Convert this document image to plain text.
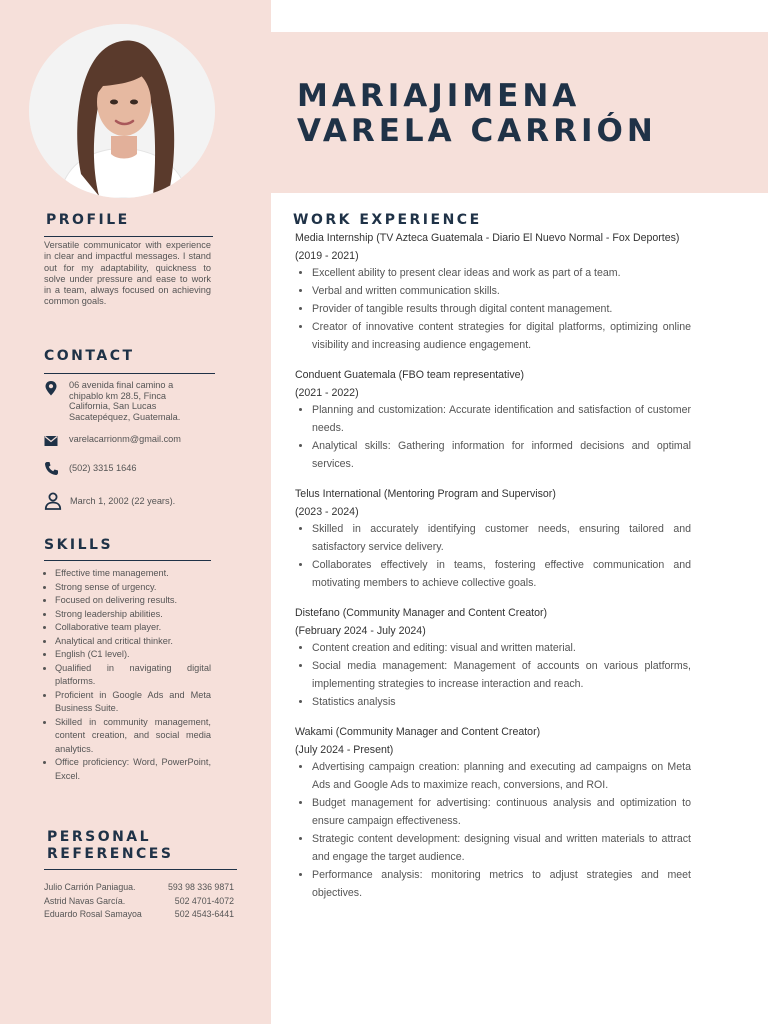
MARIAJIMENA
VARELA CARRIÓN
PROFILE
Versatile communicator with experience in clear and impactful messages. I stand out for my adaptability, quickness to solve under pressure and ease to work in a team, always focused on achieving common goals.
CONTACT
06 avenida final camino a chipablo km 28.5, Finca California, San Lucas Sacatepéquez, Guatemala.
varelacarrionm@gmail.com
(502) 3315 1646
March 1, 2002 (22 years).
SKILLS
• Effective time management.
• Strong sense of urgency.
• Focused on delivering results.
• Strong leadership abilities.
• Collaborative team player.
• Analytical and critical thinker.
• English (C1 level).
• Qualified in navigating digital platforms.
• Proficient in Google Ads and Meta Business Suite.
• Skilled in community management, content creation, and social media analytics.
• Office proficiency: Word, PowerPoint, Excel.
PERSONAL
REFERENCES
Julio Carrión Paniagua.	593 98 336 9871
Astrid Navas García.	502 4701-4072
Eduardo Rosal Samayoa	502 4543-6441
WORK EXPERIENCE
Media Internship (TV Azteca Guatemala - Diario El Nuevo Normal - Fox Deportes)
(2019 - 2021)
• Excellent ability to present clear ideas and work as part of a team.
• Verbal and written communication skills.
• Provider of tangible results through digital content management.
• Creator of innovative content strategies for digital platforms, optimizing online visibility and increasing audience engagement.
Conduent Guatemala (FBO team representative)
(2021 - 2022)
• Planning and customization: Accurate identification and satisfaction of customer needs.
• Analytical skills: Gathering information for informed decisions and optimal services.
Telus International (Mentoring Program and Supervisor)
(2023 - 2024)
• Skilled in accurately identifying customer needs, ensuring tailored and satisfactory service delivery.
• Collaborates effectively in teams, fostering effective communication and motivating members to achieve collective goals.
Distefano (Community Manager and Content Creator)
(February 2024 - July 2024)
• Content creation and editing: visual and written material.
• Social media management: Management of accounts on various platforms, implementing strategies to increase interaction and reach.
• Statistics analysis
Wakami (Community Manager and Content Creator)
(July 2024 - Present)
• Advertising campaign creation: planning and executing ad campaigns on Meta Ads and Google Ads to maximize reach, conversions, and ROI.
• Budget management for advertising: continuous analysis and optimization to ensure campaign effectiveness.
• Strategic content development: designing visual and written materials to attract and engage the target audience.
• Performance analysis: monitoring metrics to adjust strategies and meet objectives.
